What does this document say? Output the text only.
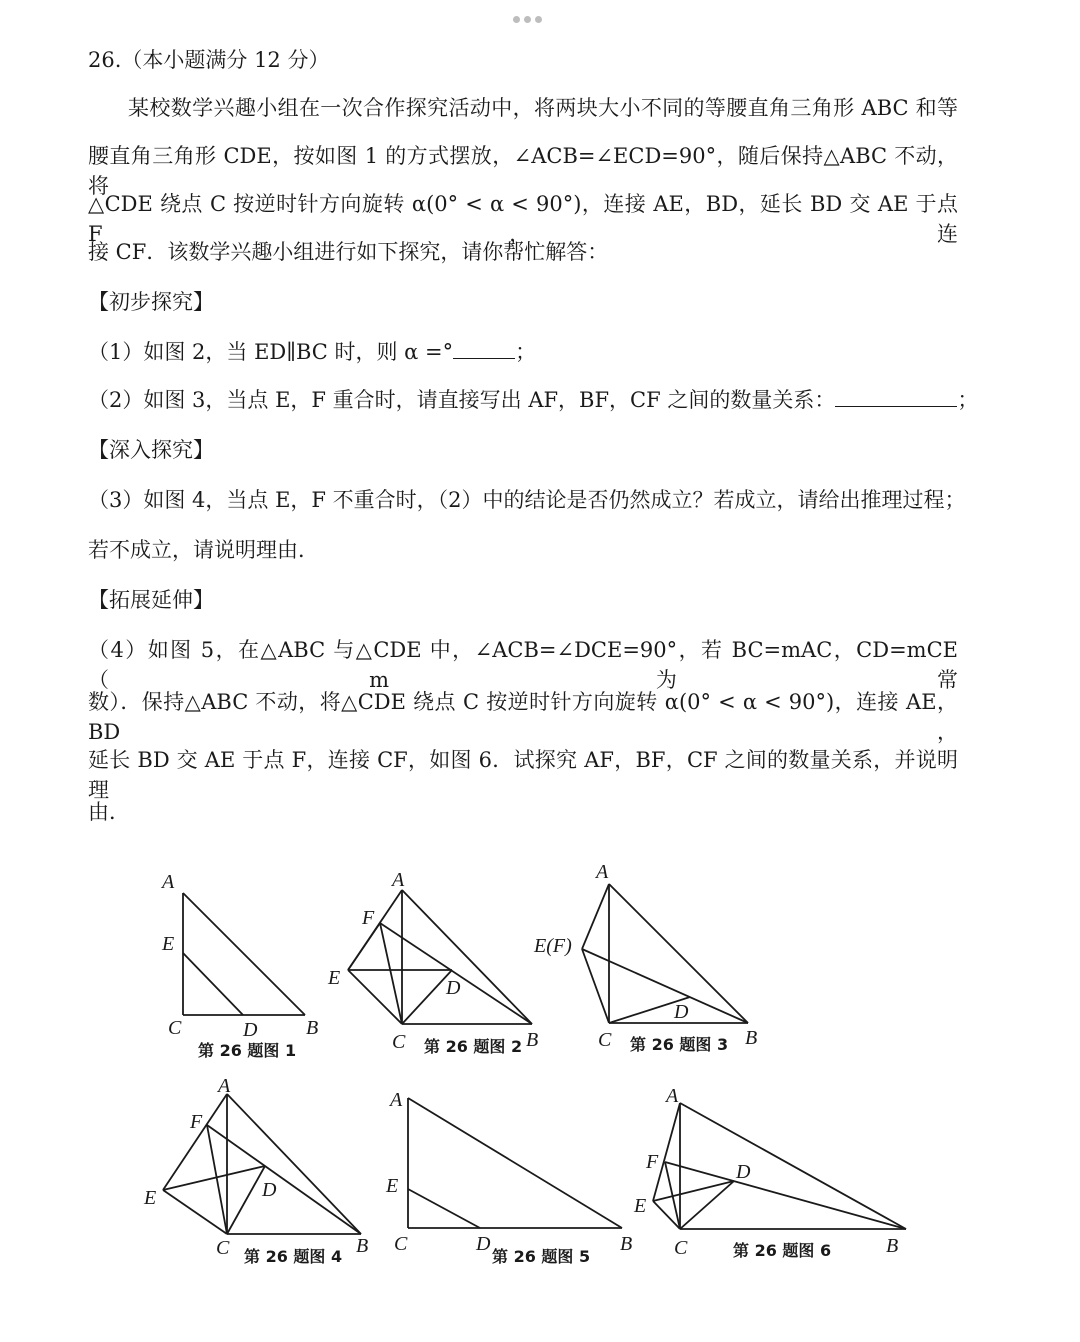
26.（本小题满分 12 分）
某校数学兴趣小组在一次合作探究活动中，将两块大小不同的等腰直角三角形 ABC 和等
腰直角三角形 CDE，按如图 1 的方式摆放，∠ACB=∠ECD=90°，随后保持△ABC 不动，将
△CDE 绕点 C 按逆时针方向旋转 α(0° < α < 90°)，连接 AE，BD，延长 BD 交 AE 于点 F，连
接 CF．该数学兴趣小组进行如下探究，请你帮忙解答：
【初步探究】
（1）如图 2，当 ED∥BC 时，则 α =°	；
（2）如图 3，当点 E，F 重合时，请直接写出 AF，BF，CF 之间的数量关系：	；
【深入探究】
（3）如图 4，当点 E，F 不重合时，（2）中的结论是否仍然成立？若成立，请给出推理过程；
若不成立，请说明理由．
【拓展延伸】
（4）如图 5，在△ABC 与△CDE 中，∠ACB=∠DCE=90°，若 BC=mAC，CD=mCE（m 为常
数）．保持△ABC 不动，将△CDE 绕点 C 按逆时针方向旋转 α(0° < α < 90°)，连接 AE，BD，
延长 BD 交 AE 于点 F，连接 CF，如图 6．试探究 AF，BF，CF 之间的数量关系，并说明理
由．
A
E
C	D B
第 26 题图 1
A
F
E	D
C	B
第 26 题图 2
A
E(F)
D
C	B
第 26 题图 3
A
F
E	D
C	B
第 26 题图 4
A
E
C	D	B
第 26 题图 5
A
F	D
E
C	B
第 26 题图 6
